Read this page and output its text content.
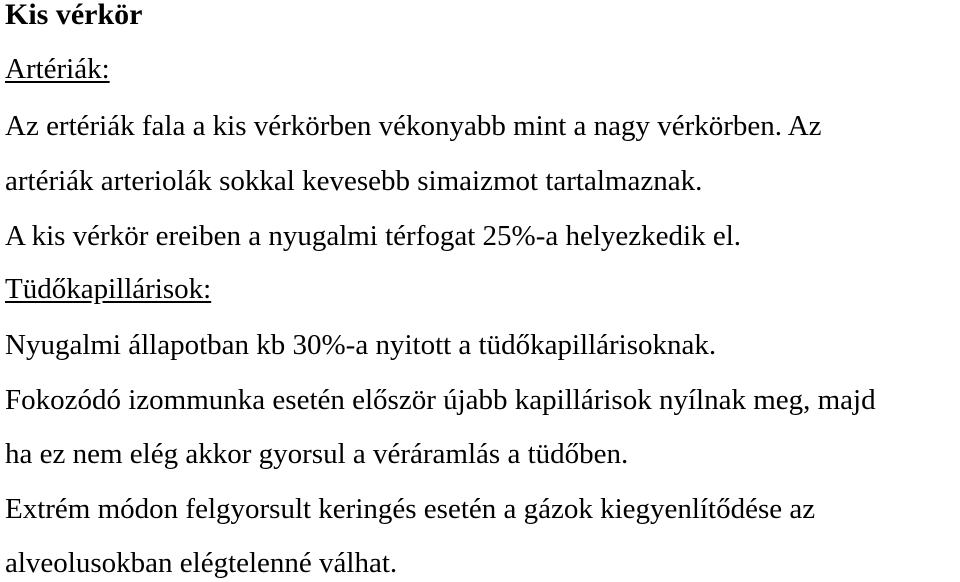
Kis vérkör
Artériák:
Az ertériák fala a kis vérkörben vékonyabb mint a nagy vérkörben. Az
artériák arteriolák sokkal kevesebb simaizmot tartalmaznak.
A kis vérkör ereiben a nyugalmi térfogat 25%-a helyezkedik el.
Tüdőkapillárisok:
Nyugalmi állapotban kb 30%-a nyitott a tüdőkapillárisoknak.
Fokozódó izommunka esetén először újabb kapillárisok nyílnak meg, majd
ha ez nem elég akkor gyorsul a véráramlás a tüdőben.
Extrém módon felgyorsult keringés esetén a gázok kiegyenlítődése az
alveolusokban elégtelenné válhat.
